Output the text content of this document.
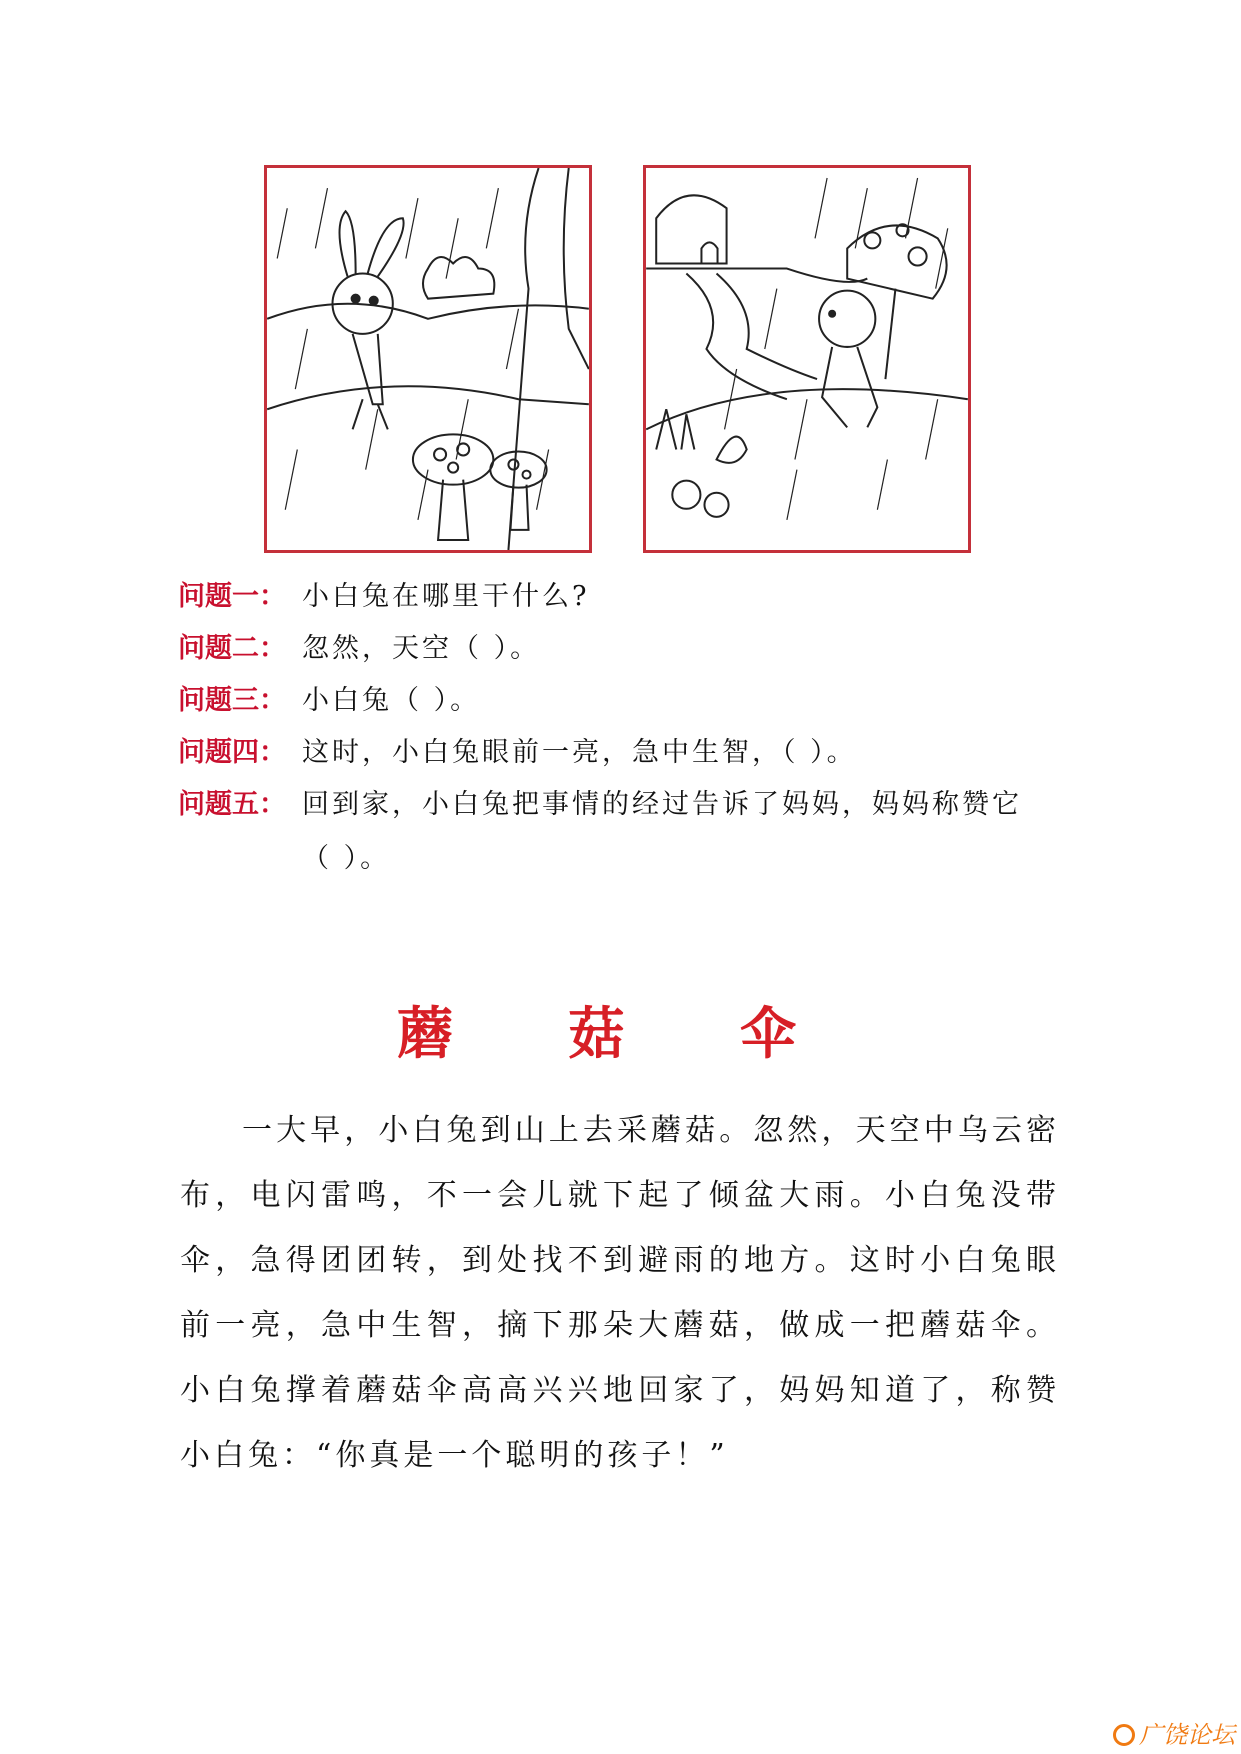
问题一： 小白兔在哪里干什么?
问题二： 忽然，天空（ ）。
问题三： 小白兔（ ）。
问题四： 这时，小白兔眼前一亮，急中生智，（ ）。
问题五： 回到家，小白兔把事情的经过告诉了妈妈，妈妈称赞它
（ ）。
蘑 菇 伞

一大早，小白兔到山上去采蘑菇。忽然，天空中乌云密布，电闪雷鸣，不一会儿就下起了倾盆大雨。小白兔没带伞，急得团团转，到处找不到避雨的地方。这时小白兔眼前一亮，急中生智，摘下那朵大蘑菇，做成一把蘑菇伞。小白兔撑着蘑菇伞高高兴兴地回家了，妈妈知道了，称赞小白兔：“你真是一个聪明的孩子！”

广饶论坛
